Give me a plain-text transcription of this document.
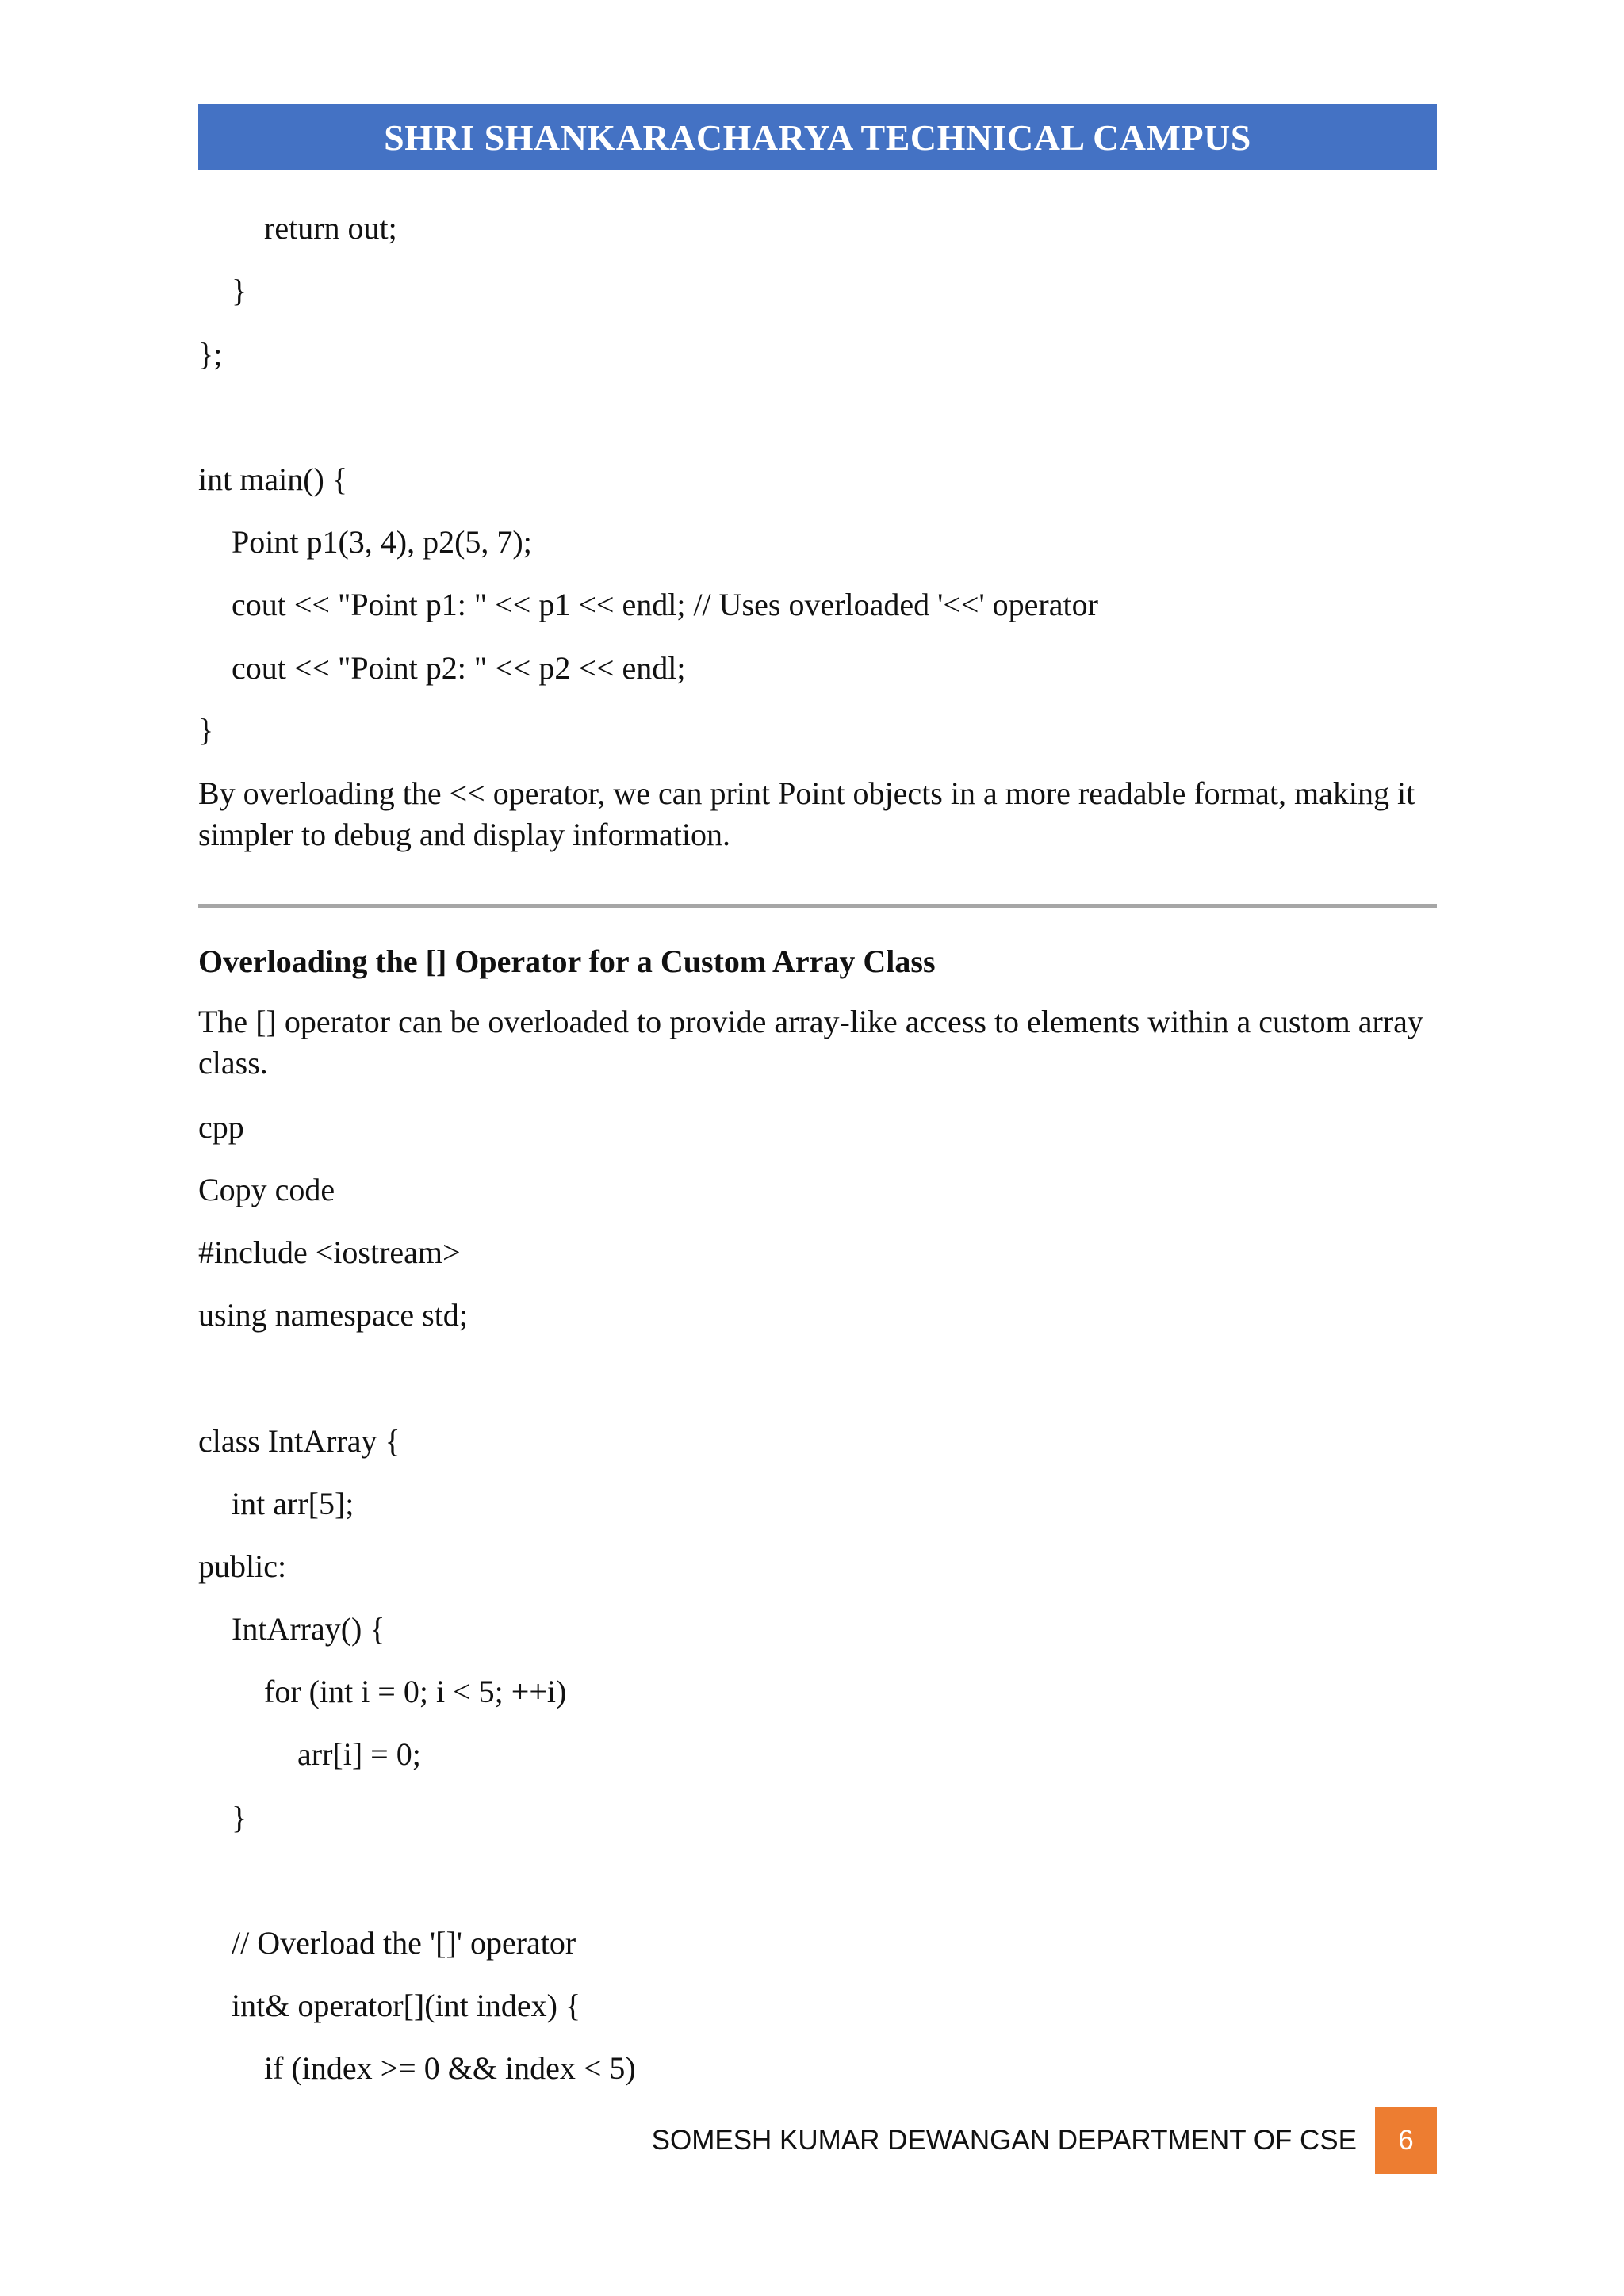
SHRI SHANKARACHARYA TECHNICAL CAMPUS
return out;
}
};
int main() {
Point p1(3, 4), p2(5, 7);
cout << "Point p1: " << p1 << endl; // Uses overloaded '<<' operator
cout << "Point p2: " << p2 << endl;
}
By overloading the << operator, we can print Point objects in a more readable format, making it simpler to debug and display information.
Overloading the [] Operator for a Custom Array Class
The [] operator can be overloaded to provide array-like access to elements within a custom array class.
cpp
Copy code
#include <iostream>
using namespace std;
class IntArray {
int arr[5];
public:
IntArray() {
for (int i = 0; i < 5; ++i)
arr[i] = 0;
}
// Overload the '[]' operator
int& operator[](int index) {
if (index >= 0 && index < 5)
SOMESH KUMAR DEWANGAN DEPARTMENT OF CSE 6
